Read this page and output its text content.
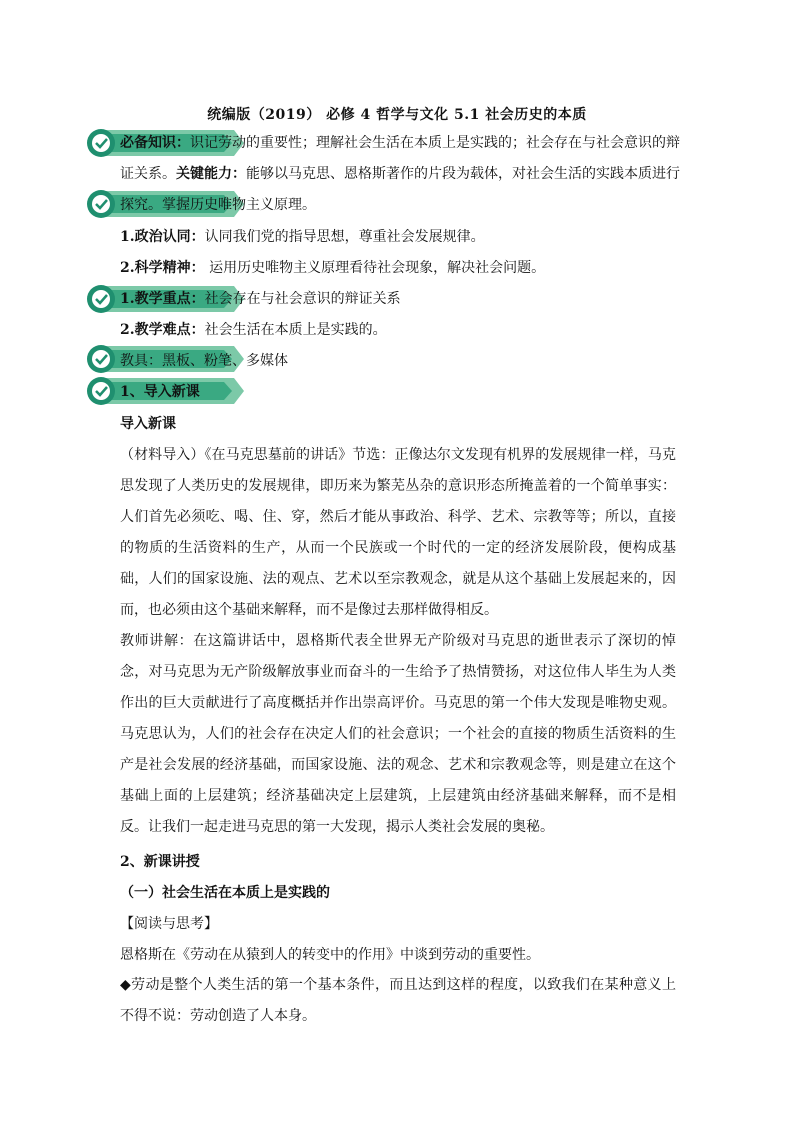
统编版（2019） 必修 4 哲学与文化 5.1 社会历史的本质
必备知识：识记劳动的重要性；理解社会生活在本质上是实践的；社会存在与社会意识的辩
证关系。关键能力：能够以马克思、恩格斯著作的片段为载体，对社会生活的实践本质进行
探究。掌握历史唯物主义原理。
1.政治认同：认同我们党的指导思想，尊重社会发展规律。
2.科学精神： 运用历史唯物主义原理看待社会现象，解决社会问题。
1.教学重点：社会存在与社会意识的辩证关系
2.教学难点：社会生活在本质上是实践的。
教具：黑板、粉笔、多媒体
1、导入新课
导入新课
（材料导入）《在马克思墓前的讲话》节选：正像达尔文发现有机界的发展规律一样，马克思发现了人类历史的发展规律，即历来为繁芜丛杂的意识形态所掩盖着的一个简单事实：人们首先必须吃、喝、住、穿，然后才能从事政治、科学、艺术、宗教等等；所以，直接的物质的生活资料的生产，从而一个民族或一个时代的一定的经济发展阶段，便构成基础，人们的国家设施、法的观点、艺术以至宗教观念，就是从这个基础上发展起来的，因而，也必须由这个基础来解释，而不是像过去那样做得相反。
教师讲解：在这篇讲话中，恩格斯代表全世界无产阶级对马克思的逝世表示了深切的悼念，对马克思为无产阶级解放事业而奋斗的一生给予了热情赞扬，对这位伟人毕生为人类作出的巨大贡献进行了高度概括并作出崇高评价。马克思的第一个伟大发现是唯物史观。马克思认为，人们的社会存在决定人们的社会意识；一个社会的直接的物质生活资料的生产是社会发展的经济基础，而国家设施、法的观念、艺术和宗教观念等，则是建立在这个基础上面的上层建筑；经济基础决定上层建筑，上层建筑由经济基础来解释，而不是相反。让我们一起走进马克思的第一大发现，揭示人类社会发展的奥秘。
2、新课讲授
（一）社会生活在本质上是实践的
【阅读与思考】
恩格斯在《劳动在从猿到人的转变中的作用》中谈到劳动的重要性。
◆劳动是整个人类生活的第一个基本条件，而且达到这样的程度，以致我们在某种意义上不得不说：劳动创造了人本身。
